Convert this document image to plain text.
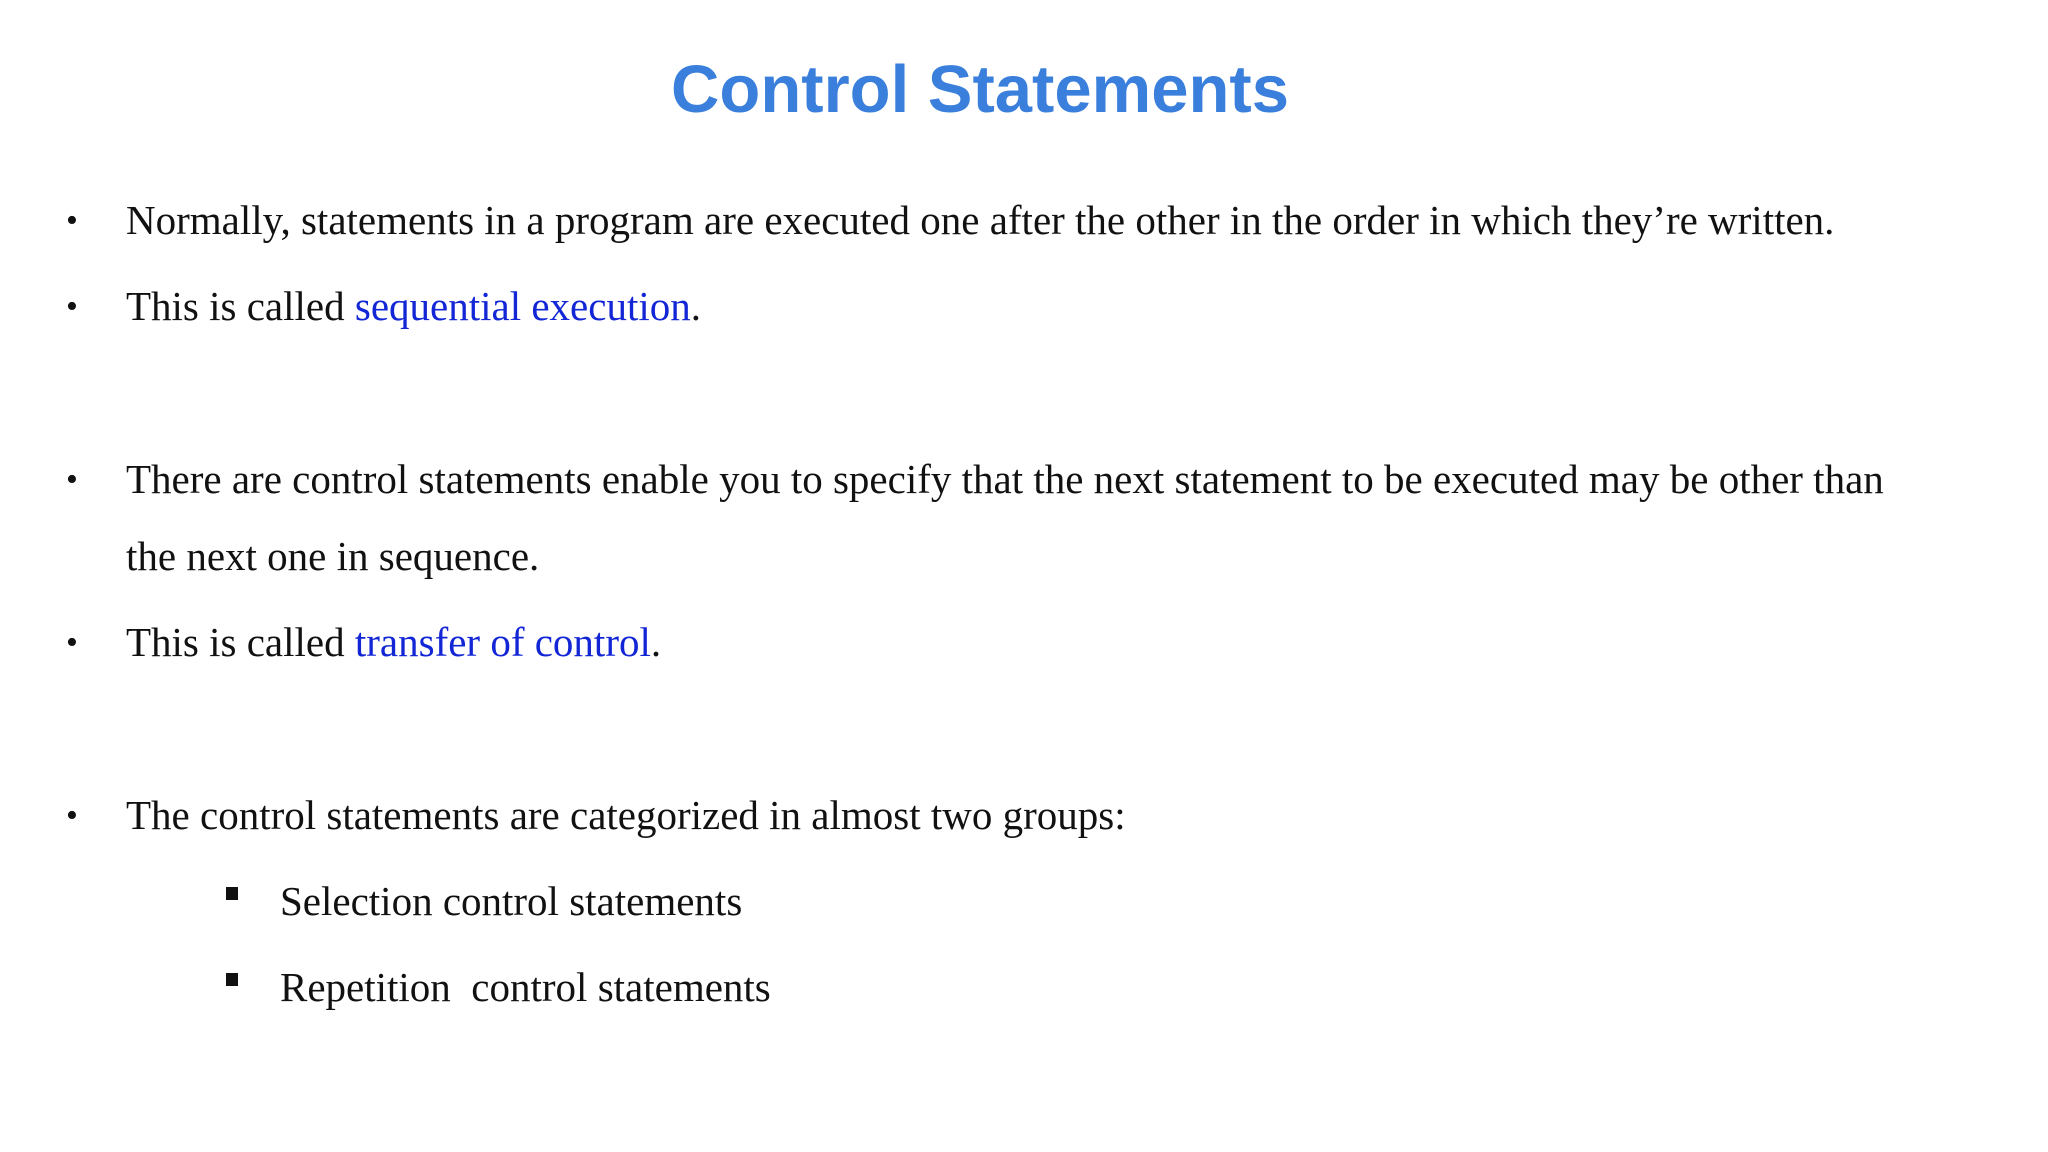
Control Statements
• Normally, statements in a program are executed one after the other in the order in which they’re written.
• This is called sequential execution.
• There are control statements enable you to specify that the next statement to be executed may be other than
the next one in sequence.
• This is called transfer of control.
• The control statements are categorized in almost two groups:
Selection control statements
Repetition  control statements
